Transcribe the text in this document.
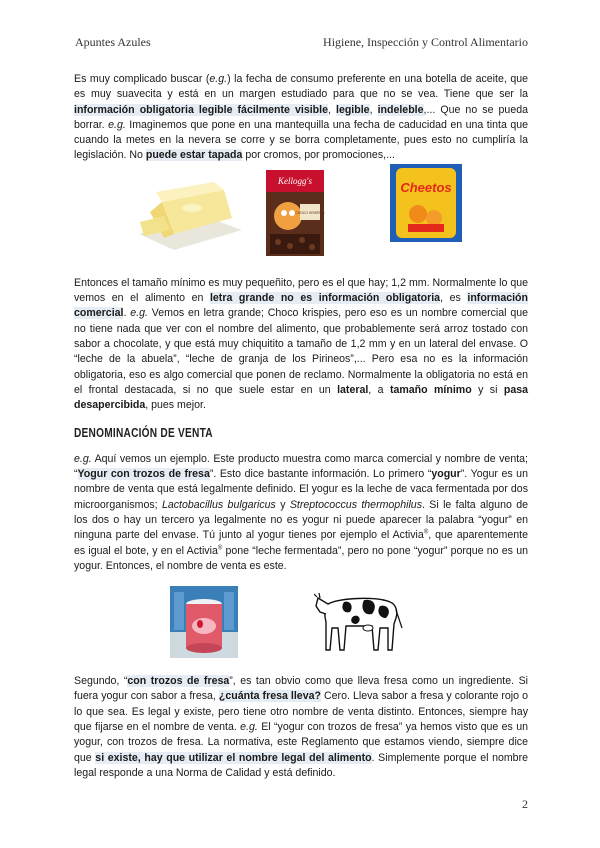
Apuntes Azules	Higiene, Inspección y Control Alimentario

Es muy complicado buscar (e.g.) la fecha de consumo preferente en una botella de aceite, que es muy suavecita y está en un margen estudiado para que no se vea. Tiene que ser la información obligatoria legible fácilmente visible, legible, indeleble,... Que no se pueda borrar. e.g. Imaginemos que pone en una mantequilla una fecha de caducidad en una tinta que cuando la metes en la nevera se corre y se borra completamente, pues esto no cumpliría la legislación. No puede estar tapada por cromos, por promociones,...

Kellogg's
CHOCO KRISPIES
Cheetos

Entonces el tamaño mínimo es muy pequeñito, pero es el que hay; 1,2 mm. Normalmente lo que vemos en el alimento en letra grande no es información obligatoria, es información comercial. e.g. Vemos en letra grande; Choco krispies, pero eso es un nombre comercial que no tiene nada que ver con el nombre del alimento, que probablemente será arroz tostado con sabor a chocolate, y que está muy chiquitito a tamaño de 1,2 mm y en un lateral del envase. O “leche de la abuela”, “leche de granja de los Pirineos”,... Pero esa no es la información obligatoria, eso es algo comercial que ponen de reclamo. Normalmente la obligatoria no está en el frontal destacada, si no que suele estar en un lateral, a tamaño mínimo y si pasa desapercibida, pues mejor.

DENOMINACIÓN DE VENTA

e.g. Aquí vemos un ejemplo. Este producto muestra como marca comercial y nombre de venta; “Yogur con trozos de fresa”. Esto dice bastante información. Lo primero “yogur”. Yogur es un nombre de venta que está legalmente definido. El yogur es la leche de vaca fermentada por dos microorganismos; Lactobacillus bulgaricus y Streptococcus thermophilus. Si le falta alguno de los dos o hay un tercero ya legalmente no es yogur ni puede aparecer la palabra “yogur” en ninguna parte del envase. Tú junto al yogur tienes por ejemplo el Activia®, que aparentemente es igual el bote, y en el Activia® pone “leche fermentada”, pero no pone “yogur” porque no es un yogur. Entonces, el nombre de venta es este.

Segundo, “con trozos de fresa”, es tan obvio como que lleva fresa como un ingrediente. Si fuera yogur con sabor a fresa, ¿cuánta fresa lleva? Cero. Lleva sabor a fresa y colorante rojo o lo que sea. Es legal y existe, pero tiene otro nombre de venta distinto. Entonces, siempre hay que fijarse en el nombre de venta. e.g. El “yogur con trozos de fresa” ya hemos visto que es un yogur, con trozos de fresa. La normativa, este Reglamento que estamos viendo, siempre dice que si existe, hay que utilizar el nombre legal del alimento. Simplemente porque el nombre legal responde a una Norma de Calidad y está definido.

2
